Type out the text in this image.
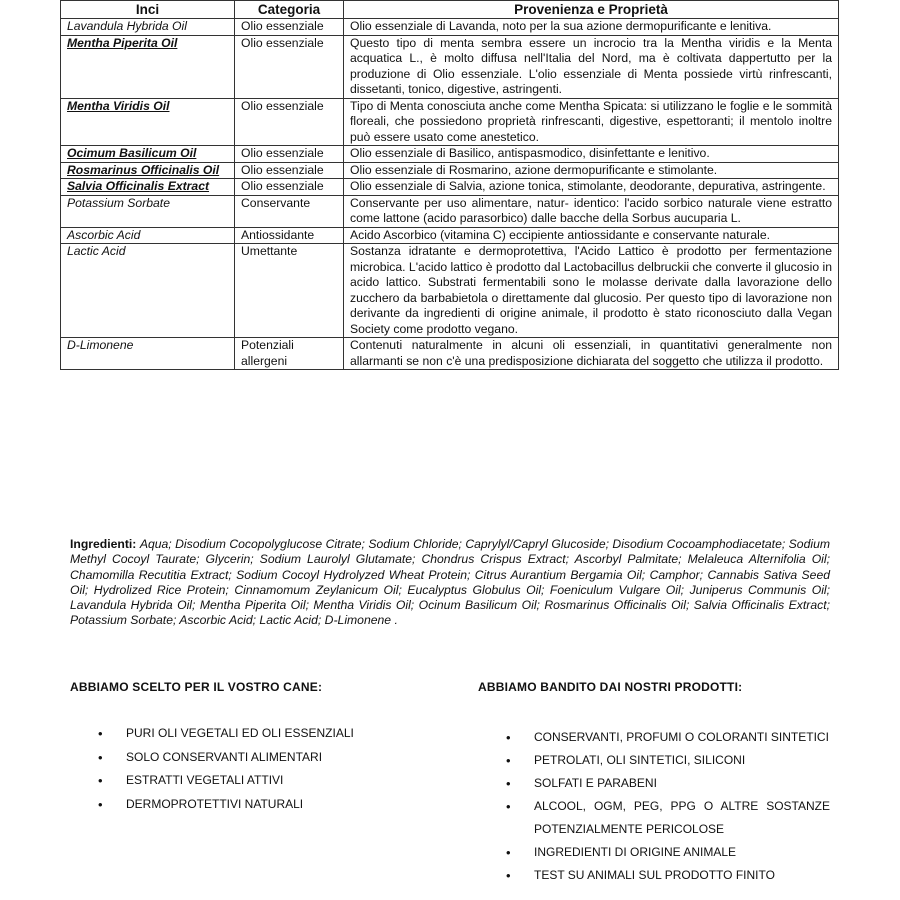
Inci	Categoria	Provenienza e Proprietà
Lavandula Hybrida Oil	Olio essenziale	Olio essenziale di Lavanda, noto per la sua azione dermopurificante e lenitiva.
Mentha Piperita Oil	Olio essenziale	Questo tipo di menta sembra essere un incrocio tra la Mentha viridis e la Menta acquatica L., è molto diffusa nell'Italia del Nord, ma è coltivata dappertutto per la produzione di Olio essenziale. L'olio essenziale di Menta possiede virtù rinfrescanti, dissetanti, tonico, digestive, astringenti.
Mentha Viridis Oil	Olio essenziale	Tipo di Menta conosciuta anche come Mentha Spicata: si utilizzano le foglie e le sommità floreali, che possiedono proprietà rinfrescanti, digestive, espettoranti; il mentolo inoltre può essere usato come anestetico.
Ocimum Basilicum Oil	Olio essenziale	Olio essenziale di Basilico, antispasmodico, disinfettante e lenitivo.
Rosmarinus Officinalis Oil	Olio essenziale	Olio essenziale di Rosmarino, azione dermopurificante e stimolante.
Salvia Officinalis Extract	Olio essenziale	Olio essenziale di Salvia, azione tonica, stimolante, deodorante, depurativa, astringente.
Potassium Sorbate	Conservante	Conservante per uso alimentare, natur- identico: l'acido sorbico naturale viene estratto come lattone (acido parasorbico) dalle bacche della Sorbus aucuparia L.
Ascorbic Acid	Antiossidante	Acido Ascorbico (vitamina C) eccipiente antiossidante e conservante naturale.
Lactic Acid	Umettante	Sostanza idratante e dermoprotettiva, l'Acido Lattico è prodotto per fermentazione microbica. L'acido lattico è prodotto dal Lactobacillus delbruckii che converte il glucosio in acido lattico. Substrati fermentabili sono le molasse derivate dalla lavorazione dello zucchero da barbabietola o direttamente dal glucosio. Per questo tipo di lavorazione non derivante da ingredienti di origine animale, il prodotto è stato riconosciuto dalla Vegan Society come prodotto vegano.
D-Limonene	Potenziali allergeni	Contenuti naturalmente in alcuni oli essenziali, in quantitativi generalmente non allarmanti se non c'è una predisposizione dichiarata del soggetto che utilizza il prodotto.
Ingredienti: Aqua; Disodium Cocopolyglucose Citrate; Sodium Chloride; Caprylyl/Capryl Glucoside; Disodium Cocoamphodiacetate; Sodium Methyl Cocoyl Taurate; Glycerin; Sodium Laurolyl Glutamate; Chondrus Crispus Extract; Ascorbyl Palmitate; Melaleuca Alternifolia Oil; Chamomilla Recutitia Extract; Sodium Cocoyl Hydrolyzed Wheat Protein; Citrus Aurantium Bergamia Oil; Camphor; Cannabis Sativa Seed Oil; Hydrolized Rice Protein; Cinnamomum Zeylanicum Oil; Eucalyptus Globulus Oil; Foeniculum Vulgare Oil; Juniperus Communis Oil; Lavandula Hybrida Oil; Mentha Piperita Oil; Mentha Viridis Oil; Ocinum Basilicum Oil; Rosmarinus Officinalis Oil; Salvia Officinalis Extract; Potassium Sorbate; Ascorbic Acid; Lactic Acid; D-Limonene .
ABBIAMO SCELTO PER IL VOSTRO CANE:	ABBIAMO BANDITO DAI NOSTRI PRODOTTI:
• PURI OLI VEGETALI ED OLI ESSENZIALI
• SOLO CONSERVANTI ALIMENTARI
• ESTRATTI VEGETALI ATTIVI
• DERMOPROTETTIVI NATURALI
• CONSERVANTI, PROFUMI O COLORANTI SINTETICI
• PETROLATI, OLI SINTETICI, SILICONI
• SOLFATI E PARABENI
• ALCOOL, OGM, PEG, PPG O ALTRE SOSTANZE POTENZIALMENTE PERICOLOSE
• INGREDIENTI DI ORIGINE ANIMALE
• TEST SU ANIMALI SUL PRODOTTO FINITO
